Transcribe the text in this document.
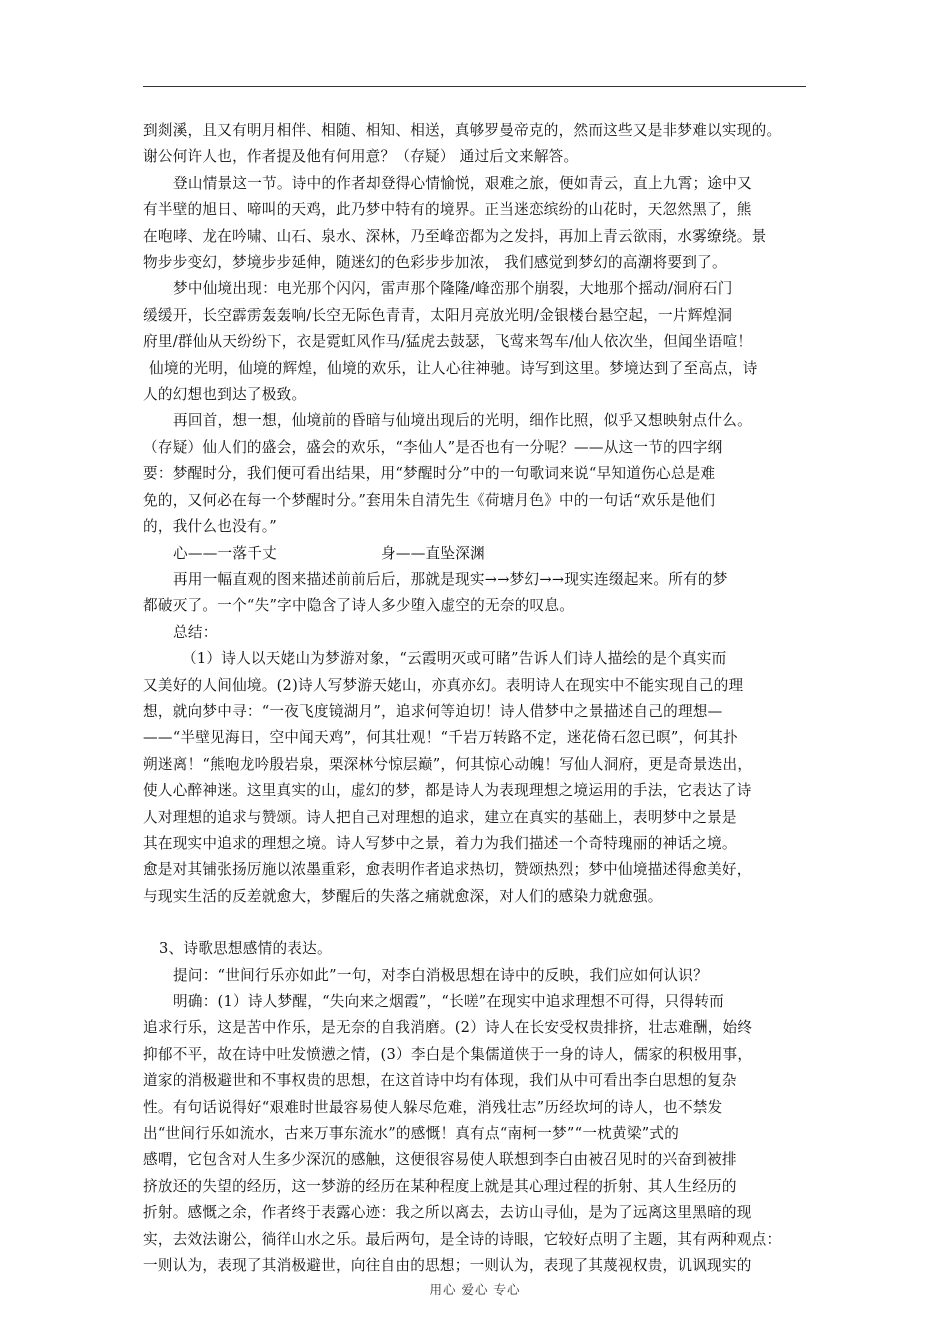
到剡溪，且又有明月相伴、相随、相知、相送，真够罗曼帝克的，然而这些又是非梦难以实现的。

谢公何许人也，作者提及他有何用意？（存疑） 通过后文来解答。

登山情景这一节。诗中的作者却登得心情愉悦，艰难之旅，便如青云，直上九霄；途中又

有半壁的旭日、啼叫的天鸡，此乃梦中特有的境界。正当迷恋缤纷的山花时，天忽然黑了，熊

在咆哮、龙在吟啸、山石、泉水、深林，乃至峰峦都为之发抖，再加上青云欲雨，水雾缭绕。景

物步步变幻，梦境步步延伸，随迷幻的色彩步步加浓， 我们感觉到梦幻的高潮将要到了。

梦中仙境出现：电光那个闪闪，雷声那个隆隆/峰峦那个崩裂，大地那个摇动/洞府石门

缓缓开，长空霹雳轰轰响/长空无际色青青，太阳月亮放光明/金银楼台悬空起，一片辉煌洞

府里/群仙从天纷纷下，衣是霓虹风作马/猛虎去鼓瑟，飞莺来驾车/仙人依次坐，但闻坐语喧！

仙境的光明，仙境的辉煌，仙境的欢乐，让人心往神驰。诗写到这里。梦境达到了至高点，诗

人的幻想也到达了极致。

再回首，想一想，仙境前的昏暗与仙境出现后的光明，细作比照，似乎又想映射点什么。

（存疑）仙人们的盛会，盛会的欢乐，“李仙人”是否也有一分呢？——从这一节的四字纲

要：梦醒时分，我们便可看出结果，用“梦醒时分”中的一句歌词来说“早知道伤心总是难

免的，又何必在每一个梦醒时分。”套用朱自清先生《荷塘月色》中的一句话“欢乐是他们

的，我什么也没有。”

心——一落千丈	身——直坠深渊

再用一幅直观的图来描述前前后后，那就是现实→→梦幻→→现实连缀起来。所有的梦

都破灭了。一个“失”字中隐含了诗人多少堕入虚空的无奈的叹息。

总结：

（1）诗人以天姥山为梦游对象，“云霞明灭或可睹”告诉人们诗人描绘的是个真实而

又美好的人间仙境。(2)诗人写梦游天姥山，亦真亦幻。表明诗人在现实中不能实现自己的理

想，就向梦中寻：“一夜飞度镜湖月”，追求何等迫切！诗人借梦中之景描述自己的理想—

——“半壁见海日，空中闻天鸡”，何其壮观！“千岩万转路不定，迷花倚石忽已暝”，何其扑

朔迷离！“熊咆龙吟殷岩泉，栗深林兮惊层巅”，何其惊心动魄！写仙人洞府，更是奇景迭出，

使人心醉神迷。这里真实的山，虚幻的梦，都是诗人为表现理想之境运用的手法，它表达了诗

人对理想的追求与赞颂。诗人把自己对理想的追求，建立在真实的基础上，表明梦中之景是

其在现实中追求的理想之境。诗人写梦中之景，着力为我们描述一个奇特瑰丽的神话之境。

愈是对其铺张扬厉施以浓墨重彩，愈表明作者追求热切，赞颂热烈；梦中仙境描述得愈美好，

与现实生活的反差就愈大，梦醒后的失落之痛就愈深，对人们的感染力就愈强。

3、诗歌思想感情的表达。

提问：“世间行乐亦如此”一句，对李白消极思想在诗中的反映，我们应如何认识？

明确：(1）诗人梦醒，“失向来之烟霞”，“长嗟”在现实中追求理想不可得，只得转而

追求行乐，这是苦中作乐，是无奈的自我消磨。(2）诗人在长安受权贵排挤，壮志难酬，始终

抑郁不平，故在诗中吐发愤懑之情，(3）李白是个集儒道侠于一身的诗人，儒家的积极用事，

道家的消极避世和不事权贵的思想，在这首诗中均有体现，我们从中可看出李白思想的复杂

性。有句话说得好“艰难时世最容易使人躲尽危难，消残壮志”历经坎坷的诗人，也不禁发

出“世间行乐如流水，古来万事东流水”的感慨！真有点“南柯一梦”“一枕黄梁”式的

感喟，它包含对人生多少深沉的感触，这便很容易使人联想到李白由被召见时的兴奋到被排

挤放还的失望的经历，这一梦游的经历在某种程度上就是其心理过程的折射、其人生经历的

折射。感慨之余，作者终于表露心迹：我之所以离去，去访山寻仙，是为了远离这里黑暗的现

实，去效法谢公，徜徉山水之乐。最后两句，是全诗的诗眼，它较好点明了主题，其有两种观点：

一则认为，表现了其消极避世，向往自由的思想；一则认为，表现了其蔑视权贵，讥讽现实的

用心 爱心 专心
